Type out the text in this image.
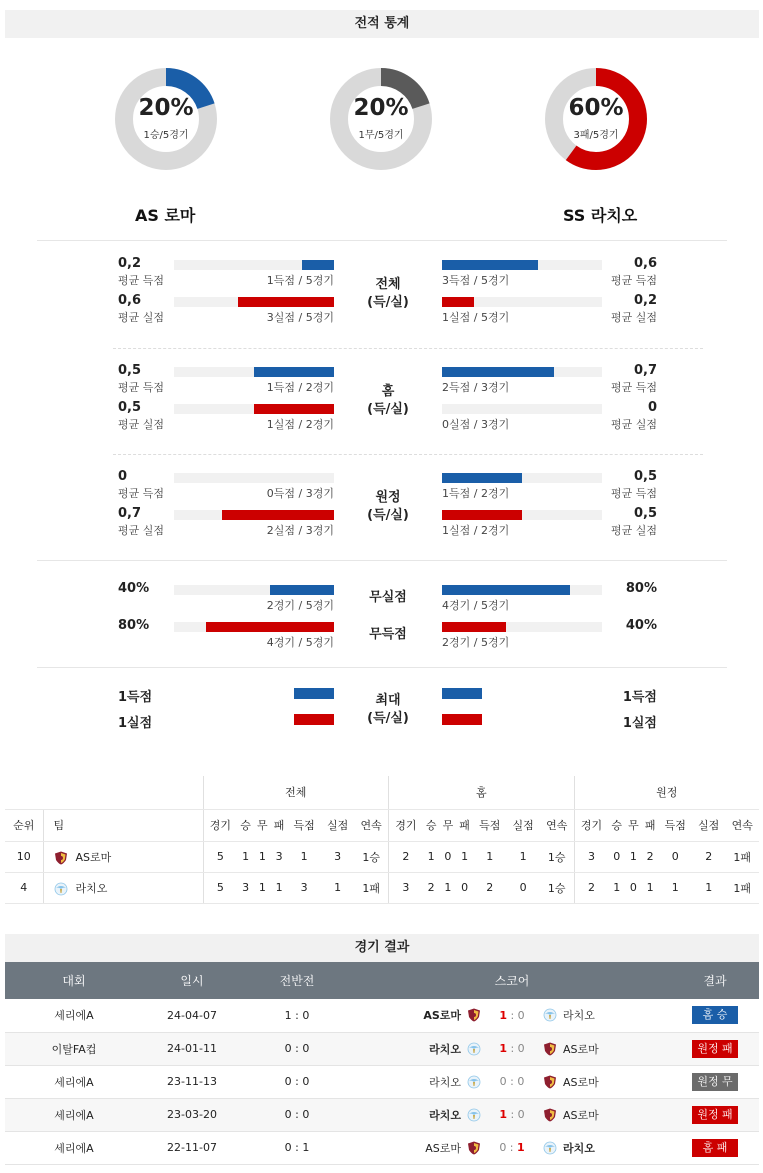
전적 통계
20%
1승/5경기
20%
1무/5경기
60%
3패/5경기
AS 로마	SS 라치오
0,2	0,6
평균 득점	평균 득점
1득점 / 5경기	3득점 / 5경기
0,6	0,2
평균 실점	평균 실점
3실점 / 5경기	1실점 / 5경기
전체
(득/실)
0,5	0,7
평균 득점	평균 득점
1득점 / 2경기	2득점 / 3경기
0,5	0
평균 실점	평균 실점
1실점 / 2경기	0실점 / 3경기
홈
(득/실)
0	0,5
평균 득점	평균 득점
0득점 / 3경기	1득점 / 2경기
0,7	0,5
평균 실점	평균 실점
2실점 / 3경기	1실점 / 2경기
원정
(득/실)
40%	80%
2경기 / 5경기	4경기 / 5경기
무실점
80%	40%
4경기 / 5경기	2경기 / 5경기
무득점
1득점	1득점
1실점	1실점
최대
(득/실)
		전체							홈							원정						
순위	팀	경기	승	무	패	득점	실점	연속	경기	승	무	패	득점	실점	연속	경기	승	무	패	득점	실점	연속
10	AS로마	5	1	1	3	1	3	1승	2	1	0	1	1	1	1승	3	0	1	2	0	2	1패
4	라치오	5	3	1	1	3	1	1패	3	2	1	0	2	0	1승	2	1	0	1	1	1	1패
경기 결과
대회	일시	전반전	스코어	결과
세리에A	24-04-07	1 : 0	AS로마 1 : 0 라치오	홈 승
이탈FA컵	24-01-11	0 : 0	라치오 1 : 0 AS로마	원정 패
세리에A	23-11-13	0 : 0	라치오 0 : 0 AS로마	원정 무
세리에A	23-03-20	0 : 0	라치오 1 : 0 AS로마	원정 패
세리에A	22-11-07	0 : 1	AS로마 0 : 1 라치오	홈 패
